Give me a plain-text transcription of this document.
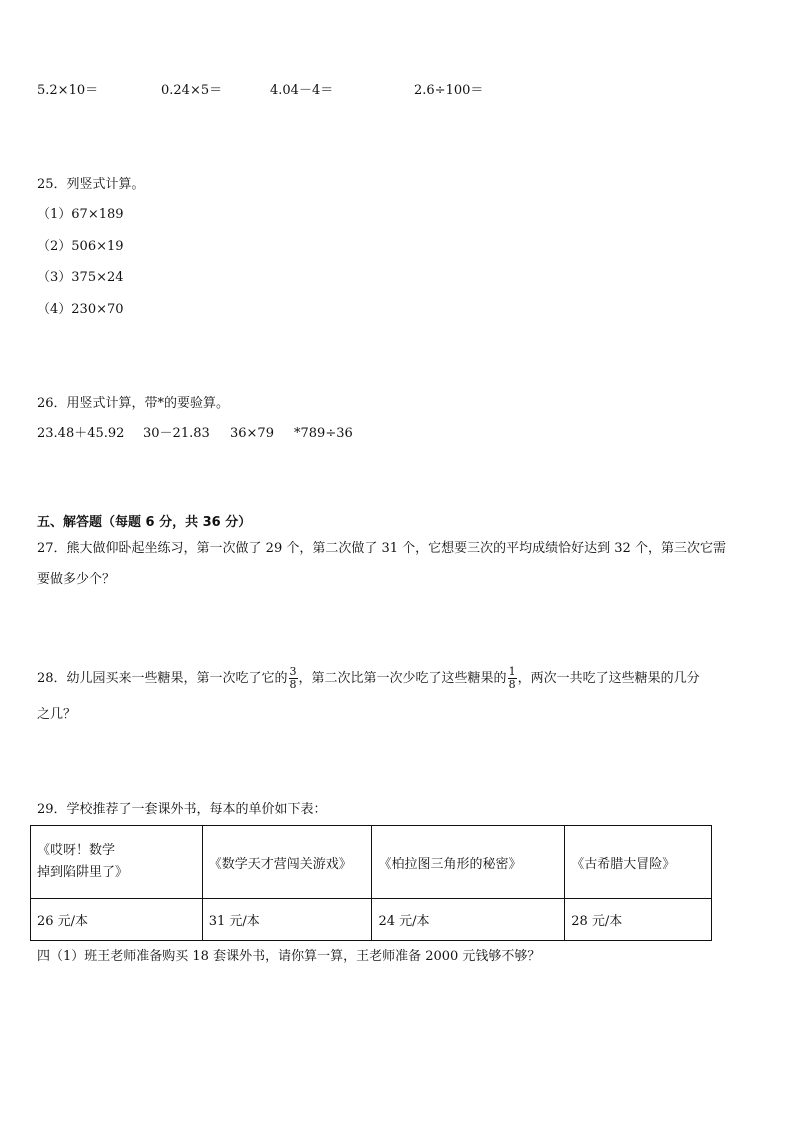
5.2×10＝	0.24×5＝	4.04－4＝	2.6÷100＝
25．列竖式计算。
（1）67×189
（2）506×19
（3）375×24
（4）230×70
26．用竖式计算，带*的要验算。
23.48＋45.92 30－21.83 36×79 *789÷36
五、解答题（每题 6 分，共 36 分）
27．熊大做仰卧起坐练习，第一次做了 29 个，第二次做了 31 个，它想要三次的平均成绩恰好达到 32 个，第三次它需
要做多少个？
28．幼儿园买来一些糖果，第一次吃了它的 $\frac{3}{8}$ ，第二次比第一次少吃了这些糖果的 $\frac{1}{8}$ ，两次一共吃了这些糖果的几分
之几？
29．学校推荐了一套课外书，每本的单价如下表：
《哎呀！数学
掉到陷阱里了》	《数学天才营闯关游戏》	《柏拉图三角形的秘密》	《古希腊大冒险》
26 元/本	31 元/本	24 元/本	28 元/本
四（1）班王老师准备购买 18 套课外书，请你算一算，王老师准备 2000 元钱够不够？
